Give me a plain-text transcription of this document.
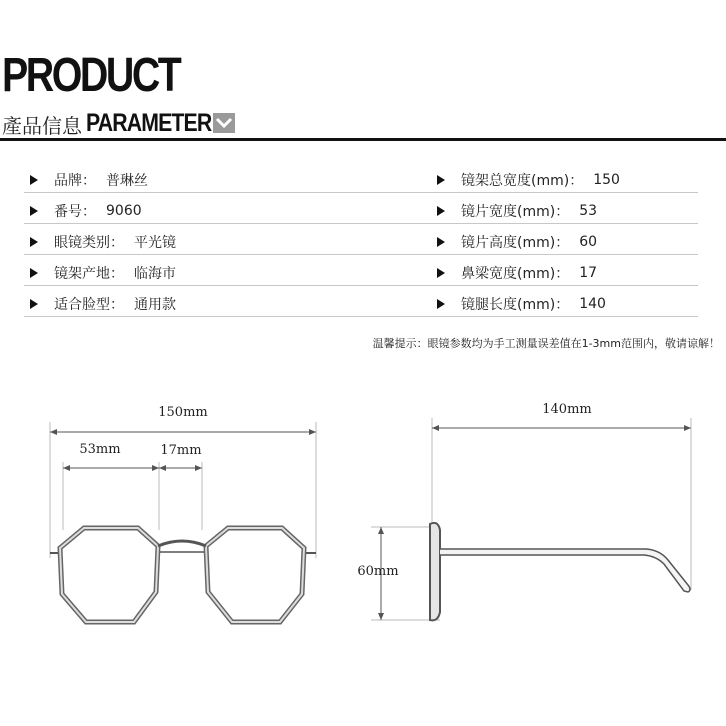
PRODUCT
產品信息 PARAMETER
品牌： 普琳丝	镜架总宽度(mm)： 150
番号： 9060	镜片宽度(mm)： 53
眼镜类别： 平光镜	镜片高度(mm)： 60
镜架产地： 临海市	鼻梁宽度(mm)： 17
适合脸型： 通用款	镜腿长度(mm)： 140
温馨提示：眼镜参数均为手工测量误差值在1-3mm范围内，敬请谅解！
150mm
53mm	17mm
140mm
60mm
